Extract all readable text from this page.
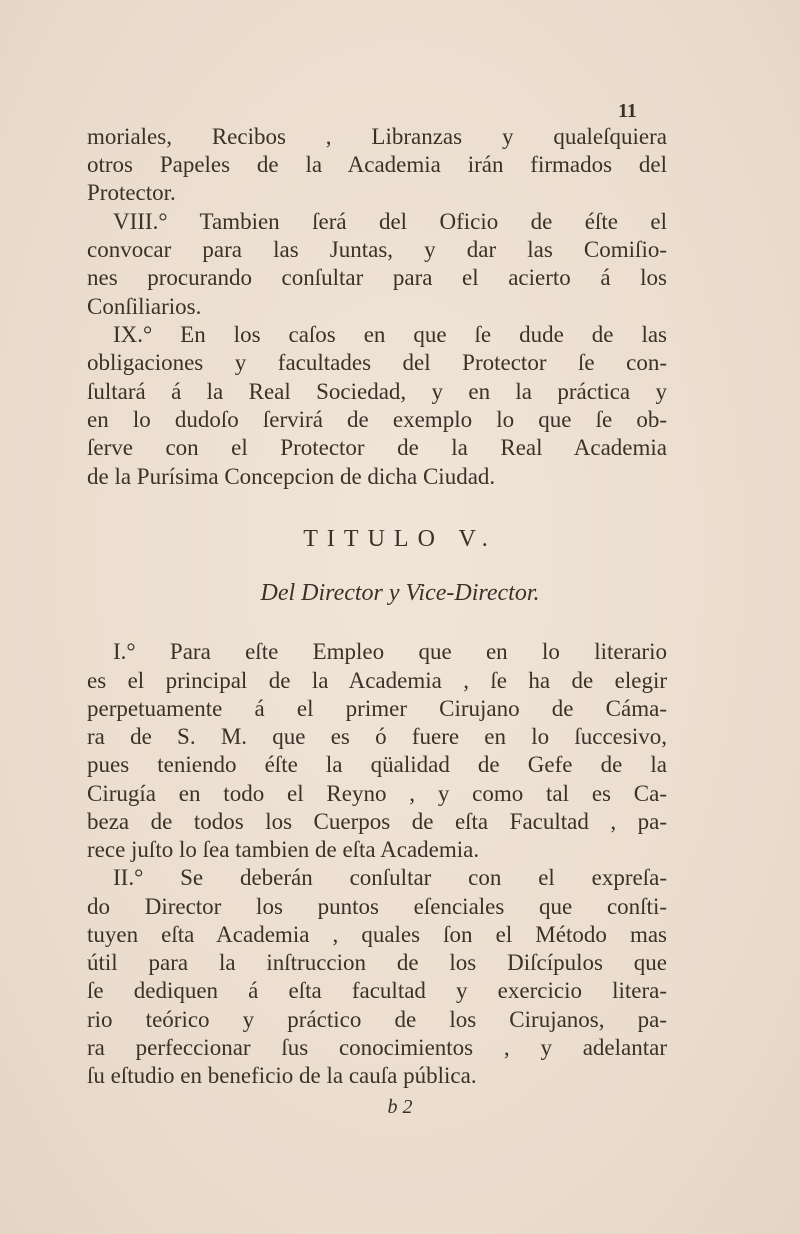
11
moriales, Recibos , Libranzas y qualeſquiera
otros Papeles de la Academia irán firmados del
Protector.
VIII.° Tambien ſerá del Oficio de éſte el
convocar para las Juntas, y dar las Comiſio-
nes procurando conſultar para el acierto á los
Conſiliarios.
IX.° En los caſos en que ſe dude de las
obligaciones y facultades del Protector ſe con-
ſultará á la Real Sociedad, y en la práctica y
en lo dudoſo ſervirá de exemplo lo que ſe ob-
ſerve con el Protector de la Real Academia
de la Purísima Concepcion de dicha Ciudad.
TITULO V.
Del Director y Vice-Director.
I.° Para eſte Empleo que en lo literario
es el principal de la Academia , ſe ha de elegir
perpetuamente á el primer Cirujano de Cáma-
ra de S. M. que es ó fuere en lo ſuccesivo,
pues teniendo éſte la qüalidad de Gefe de la
Cirugía en todo el Reyno , y como tal es Ca-
beza de todos los Cuerpos de eſta Facultad , pa-
rece juſto lo ſea tambien de eſta Academia.
II.° Se deberán conſultar con el expreſa-
do Director los puntos eſenciales que conſti-
tuyen eſta Academia , quales ſon el Método mas
útil para la inſtruccion de los Diſcípulos que
ſe dediquen á eſta facultad y exercicio litera-
rio teórico y práctico de los Cirujanos, pa-
ra perfeccionar ſus conocimientos , y adelantar
ſu eſtudio en beneficio de la cauſa pública.
b 2
